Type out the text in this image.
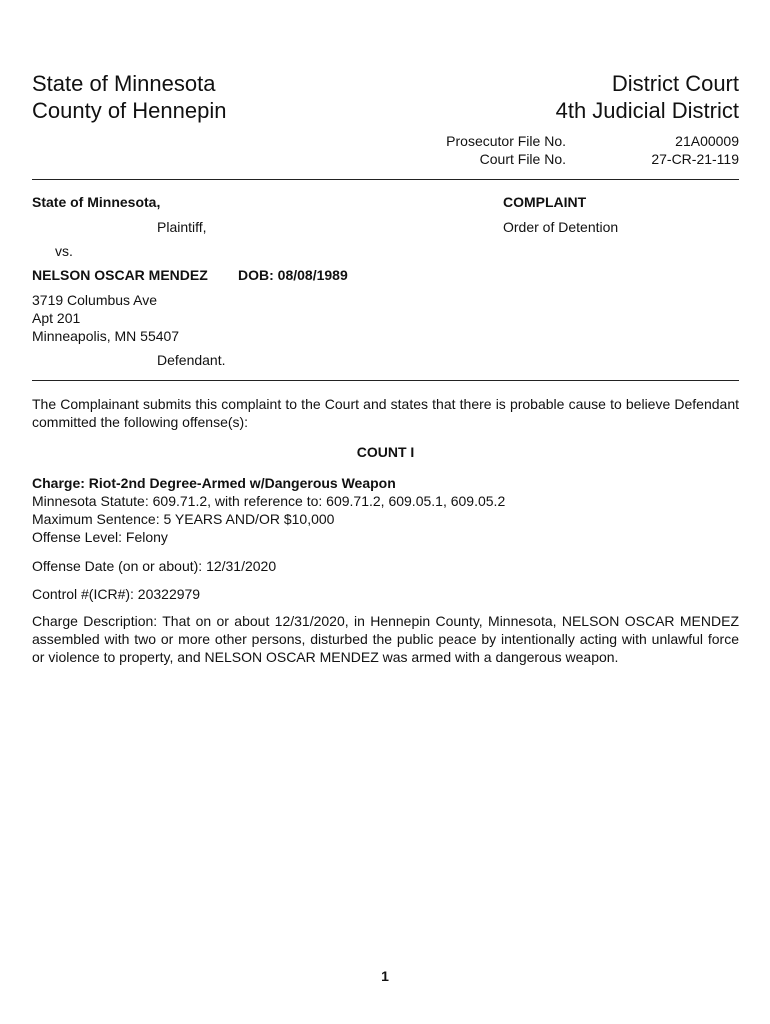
State of Minnesota
County of Hennepin
District Court
4th Judicial District
Prosecutor File No.	21A00009
Court File No.	27-CR-21-119
State of Minnesota,
Plaintiff,
vs.
NELSON OSCAR MENDEZ DOB: 08/08/1989
3719 Columbus Ave
Apt 201
Minneapolis, MN 55407
Defendant.
COMPLAINT
Order of Detention
The Complainant submits this complaint to the Court and states that there is probable cause to believe Defendant committed the following offense(s):
COUNT I
Charge: Riot-2nd Degree-Armed w/Dangerous Weapon
Minnesota Statute: 609.71.2, with reference to: 609.71.2, 609.05.1, 609.05.2
Maximum Sentence: 5 YEARS AND/OR $10,000
Offense Level: Felony
Offense Date (on or about): 12/31/2020
Control #(ICR#): 20322979
Charge Description: That on or about 12/31/2020, in Hennepin County, Minnesota, NELSON OSCAR MENDEZ assembled with two or more other persons, disturbed the public peace by intentionally acting with unlawful force or violence to property, and NELSON OSCAR MENDEZ was armed with a dangerous weapon.
1
